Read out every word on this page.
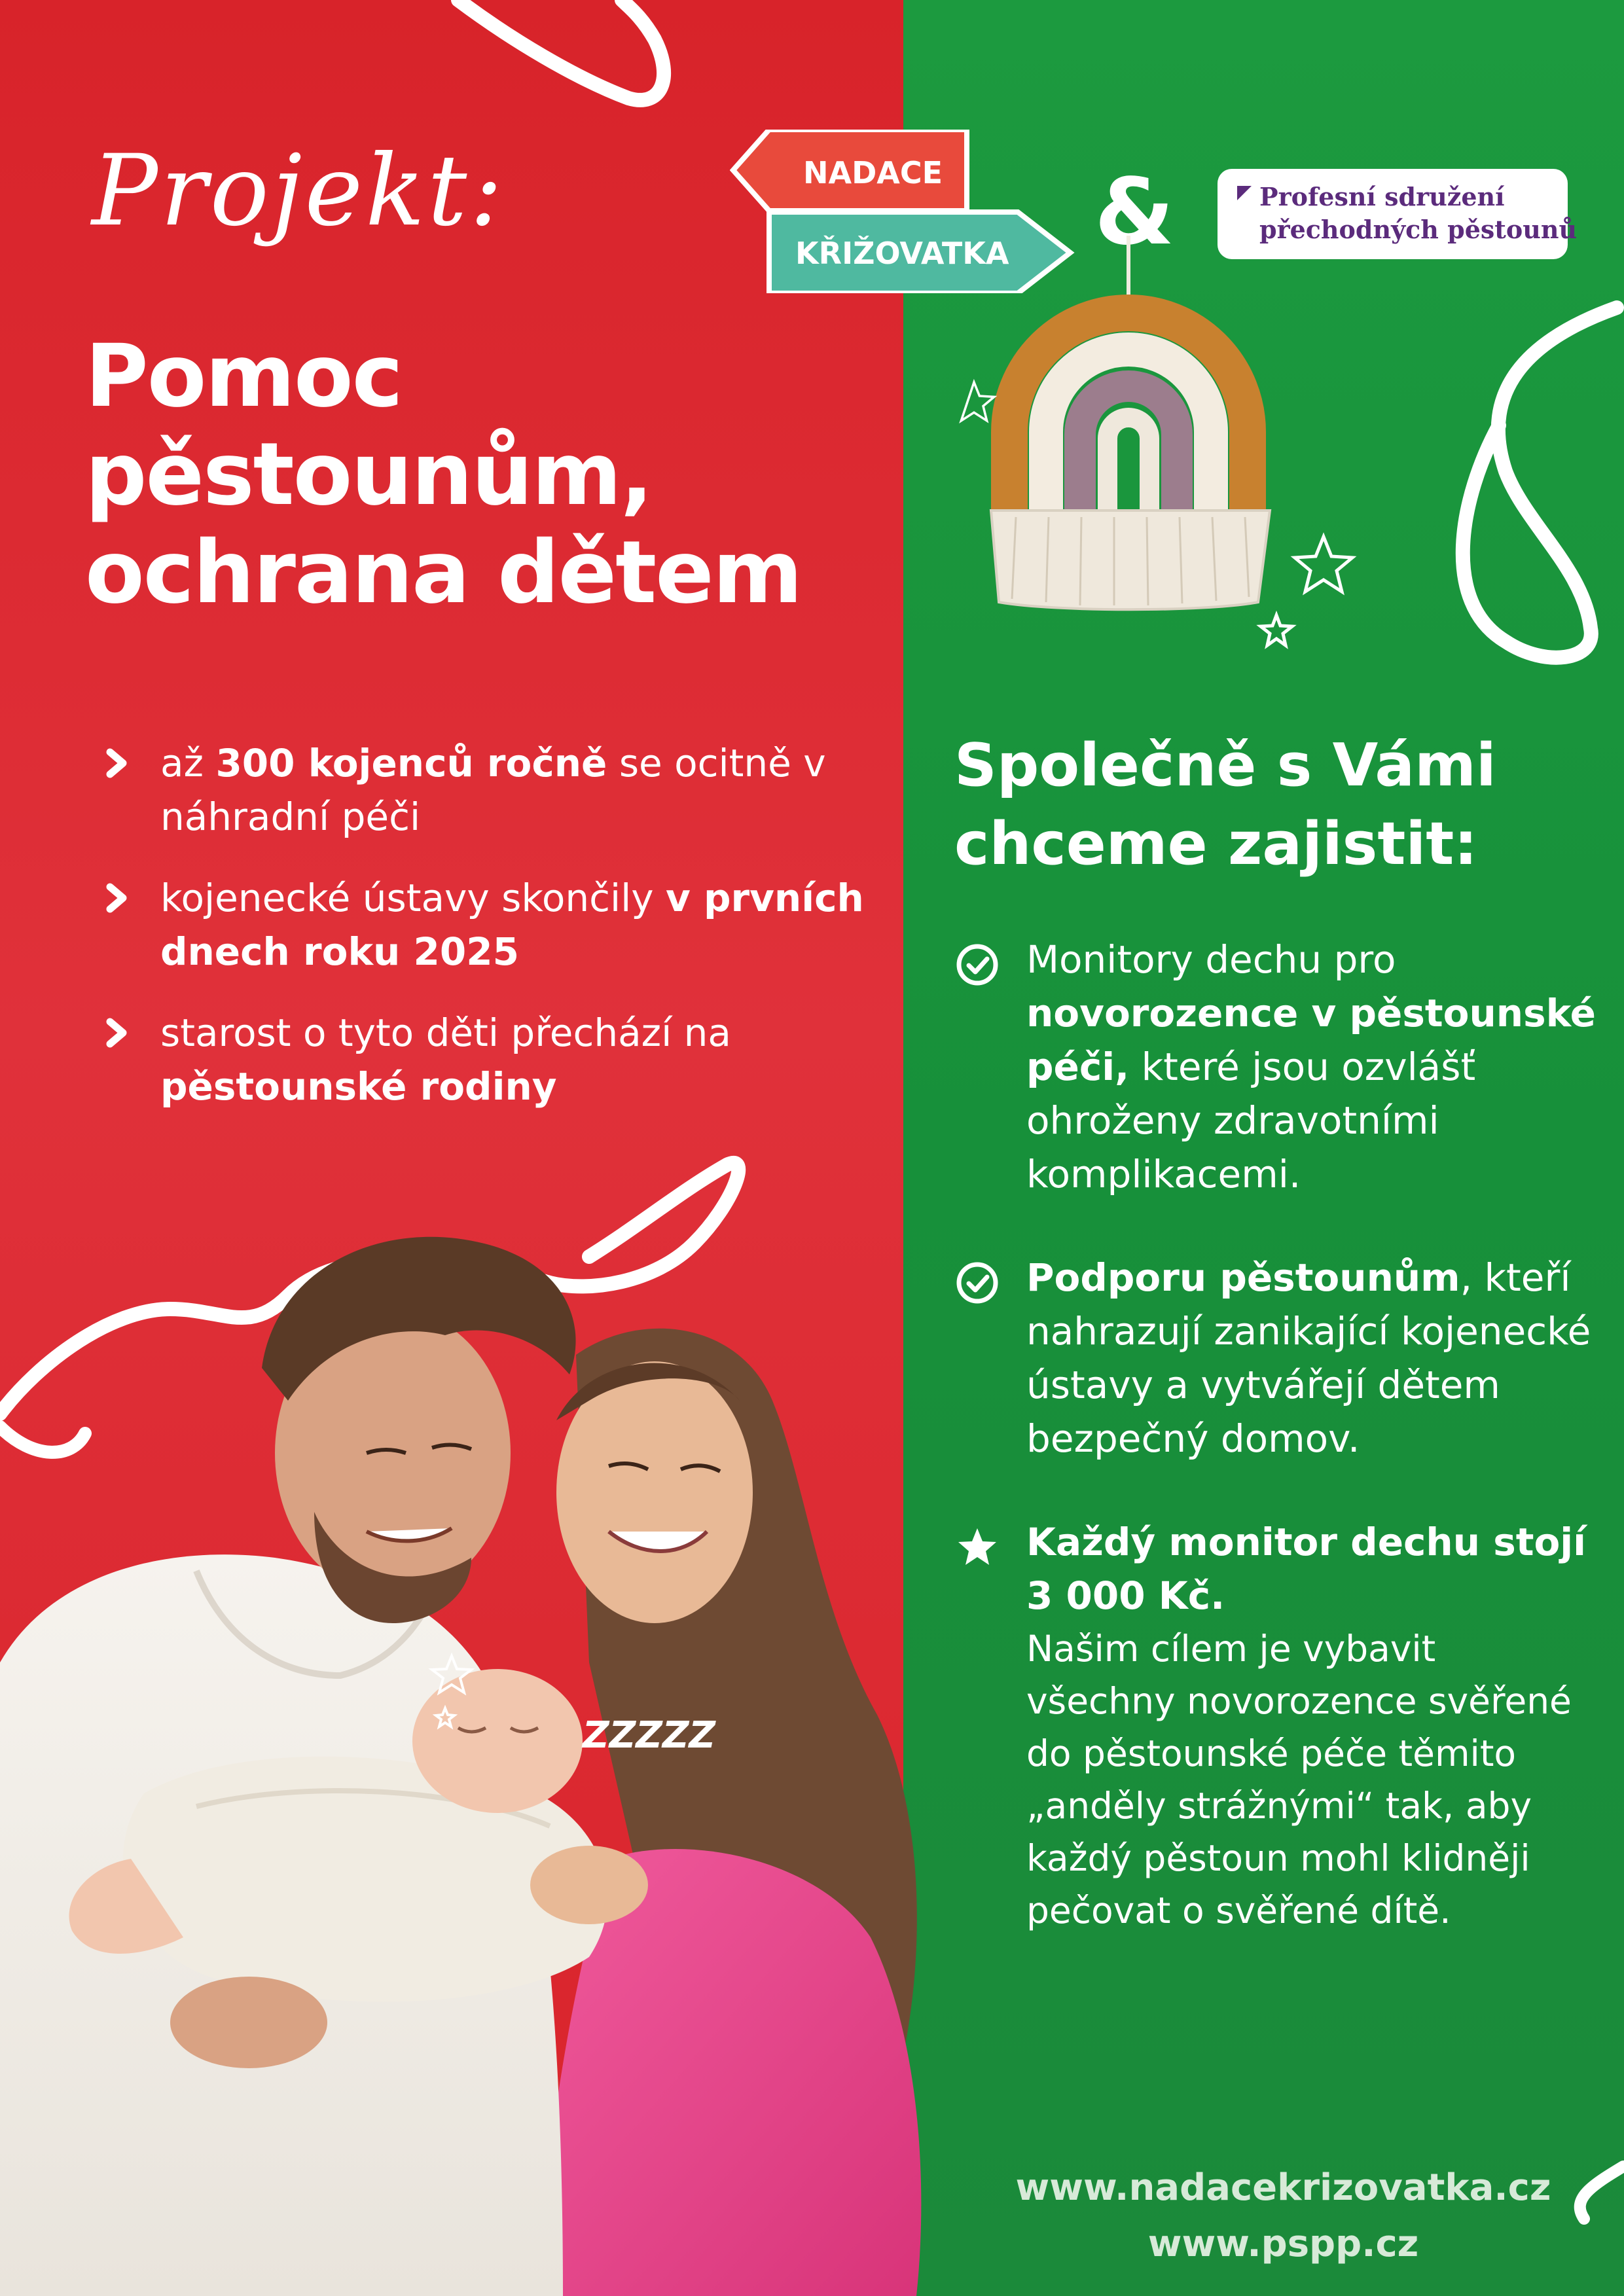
Projekt:
Pomoc
pěstounům,
ochrana dětem
až 300 kojenců ročně se ocitně v náhradní péči
kojenecké ústavy skončily v prvních dnech roku 2025
starost o tyto děti přechází na pěstounské rodiny
NADACE
KŘIŽOVATKA &	Profesní sdružení
přechodných pěstounů
Společně s Vámi
chceme zajistit:
Monitory dechu pro novorozence v pěstounské péči, které jsou ozvlášť ohroženy zdravotními komplikacemi.
Podporu pěstounům, kteří nahrazují zanikající kojenecké ústavy a vytvářejí dětem bezpečný domov.
Každý monitor dechu stojí 3 000 Kč.
Našim cílem je vybavit všechny novorozence svěřené do pěstounské péče těmito „anděly strážnými“ tak, aby každý pěstoun mohl klidněji pečovat o svěřené dítě.
www.nadacekrizovatka.cz
www.pspp.cz
ZZZZZ
